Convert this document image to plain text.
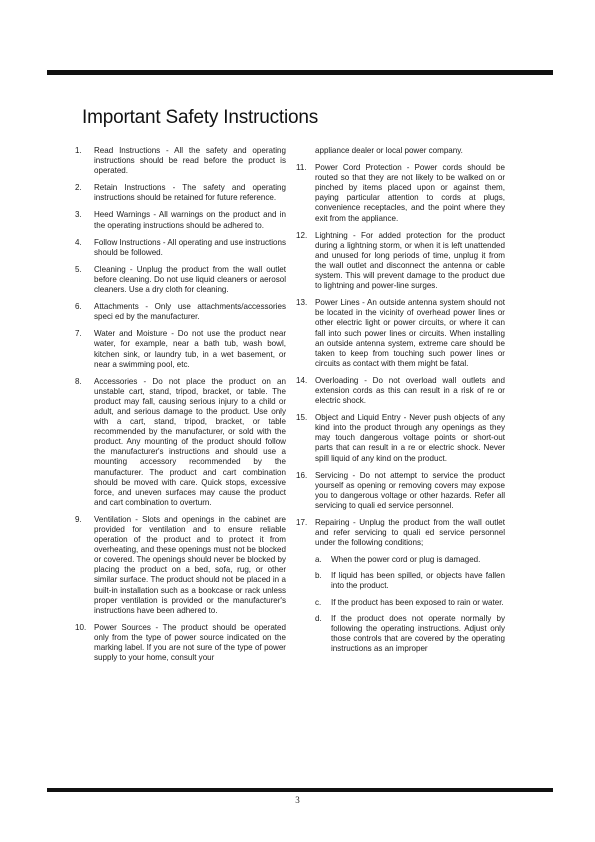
Important Safety Instructions
1.	Read Instructions - All the safety and operating instructions should be read before the product is operated.
2.	Retain Instructions - The safety and operating instructions should be retained for future reference.
3.	Heed Warnings - All warnings on the product and in the operating instructions should be adhered to.
4.	Follow Instructions - All operating and use instructions should be followed.
5.	Cleaning - Unplug the product from the wall outlet before cleaning. Do not use liquid cleaners or aerosol cleaners. Use a dry cloth for cleaning.
6.	Attachments - Only use attachments/accessories speci ed by the manufacturer.
7.	Water and Moisture - Do not use the product near water, for example, near a bath tub, wash bowl, kitchen sink, or laundry tub, in a wet basement, or near a swimming pool, etc.
8.	Accessories - Do not place the product on an unstable cart, stand, tripod, bracket, or table. The product may fall, causing serious injury to a child or adult, and serious damage to the product. Use only with a cart, stand, tripod, bracket, or table recommended by the manufacturer, or sold with the product. Any mounting of the product should follow the manufacturer's instructions and should use a mounting accessory recommended by the manufacturer. The product and cart combination should be moved with care. Quick stops, excessive force, and uneven surfaces may cause the product and cart combination to overturn.
9.	Ventilation - Slots and openings in the cabinet are provided for ventilation and to ensure reliable operation of the product and to protect it from overheating, and these openings must not be blocked or covered. The openings should never be blocked by placing the product on a bed, sofa, rug, or other similar surface. The product should not be placed in a built-in installation such as a bookcase or rack unless proper ventilation is provided or the manufacturer's instructions have been adhered to.
10. Power Sources - The product should be operated only from the type of power source indicated on the marking label. If you are not sure of the type of power supply to your home, consult your
appliance dealer or local power company.
11.	Power Cord Protection - Power cords should be routed so that they are not likely to be walked on or pinched by items placed upon or against them, paying particular attention to cords at plugs, convenience receptacles, and the point where they exit from the appliance.
12. Lightning - For added protection for the product during a lightning storm, or when it is left unattended and unused for long periods of time, unplug it from the wall outlet and disconnect the antenna or cable system. This will prevent damage to the product due to lightning and power-line surges.
13. Power Lines - An outside antenna system should not be located in the vicinity of overhead power lines or other electric light or power circuits, or where it can fall into such power lines or circuits. When installing an outside antenna system, extreme care should be taken to keep from touching such power lines or circuits as contact with them might be fatal.
14. Overloading - Do not overload wall outlets and extension cords as this can result in a risk of re or electric shock.
15. Object and Liquid Entry - Never push objects of any kind into the product through any openings as they may touch dangerous voltage points or short-out parts that can result in a re or electric shock. Never spill liquid of any kind on the product.
16. Servicing - Do not attempt to service the product yourself as opening or removing covers may expose you to dangerous voltage or other hazards. Refer all servicing to quali ed service personnel.
17. Repairing - Unplug the product from the wall outlet and refer servicing to quali ed service personnel under the following conditions;
a.	When the power cord or plug is damaged.
b.	If liquid has been spilled, or objects have fallen into the product.
c.	If the product has been exposed to rain or water.
d.	If the product does not operate normally by following the operating instructions. Adjust only those controls that are covered by the operating instructions as an improper
3
